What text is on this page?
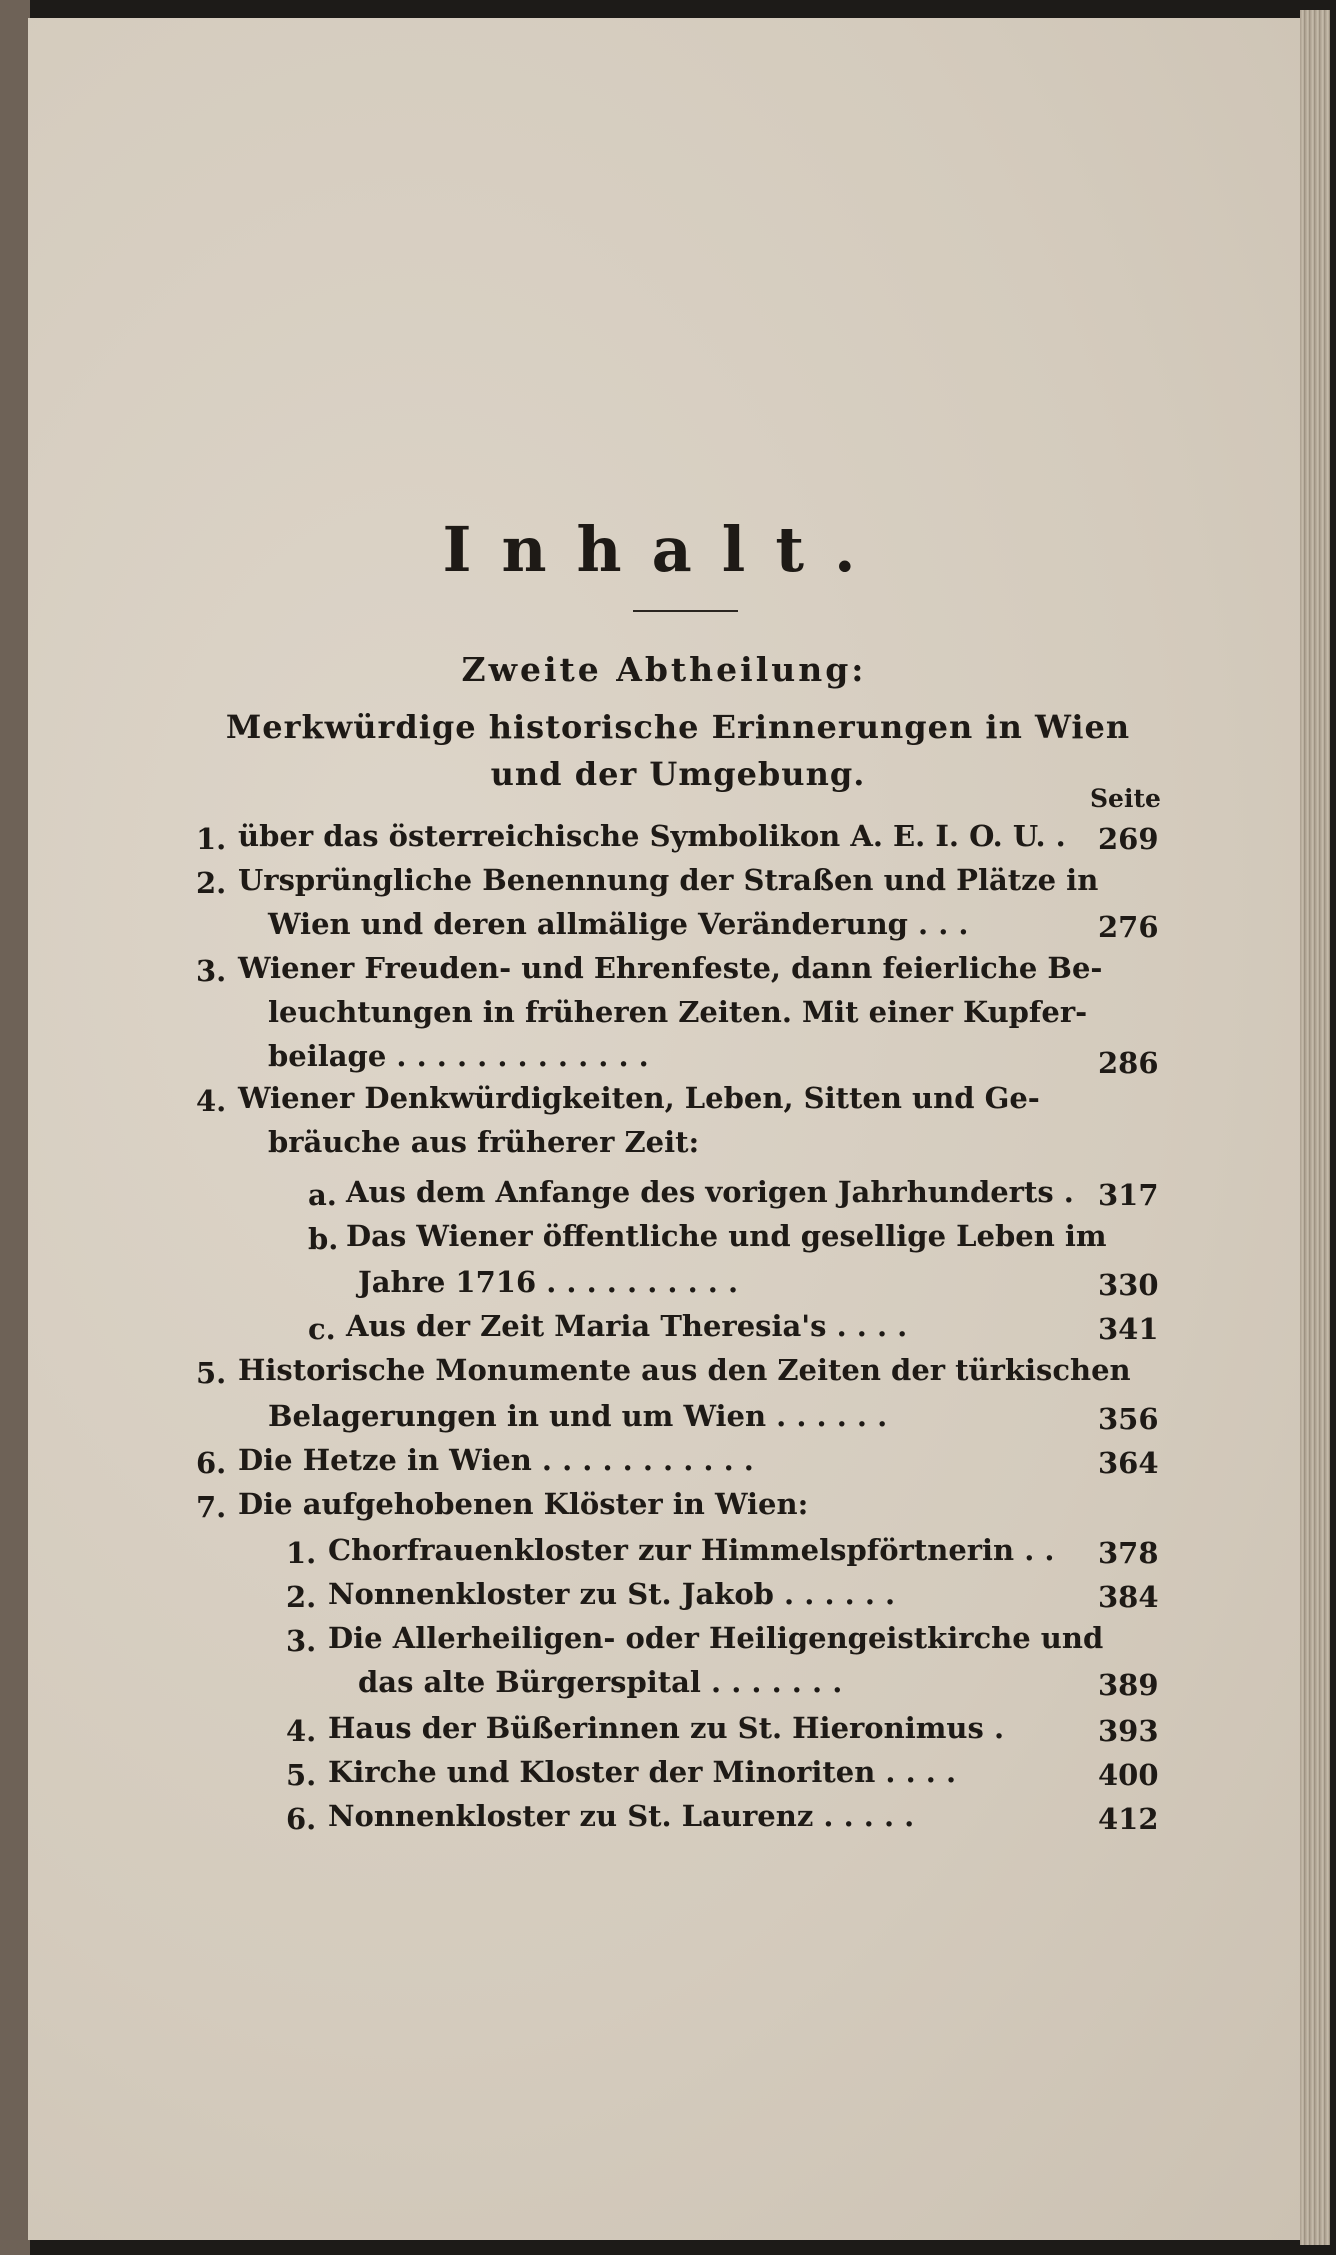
Inhalt.
Zweite Abtheilung:
Merkwürdige historische Erinnerungen in Wien
und der Umgebung.
Seite
1. über das österreichische Symbolikon A. E. I. O. U. . 269
2. Ursprüngliche Benennung der Straßen und Plätze in
Wien und deren allmälige Veränderung . . .	276
3. Wiener Freuden- und Ehrenfeste, dann feierliche Be-
leuchtungen in früheren Zeiten. Mit einer Kupfer-
beilage . . . . . . . . . . . . .	286
4. Wiener Denkwürdigkeiten, Leben, Sitten und Ge-
bräuche aus früherer Zeit:
a. Aus dem Anfange des vorigen Jahrhunderts . 317
b. Das Wiener öffentliche und gesellige Leben im
Jahre 1716 . . . . . . . . . .	330
c. Aus der Zeit Maria Theresia's . . . .	341
5. Historische Monumente aus den Zeiten der türkischen
Belagerungen in und um Wien . . . . . .	356
6. Die Hetze in Wien . . . . . . . . . . .	364
7. Die aufgehobenen Klöster in Wien:
1. Chorfrauenkloster zur Himmelspförtnerin . . 378
2. Nonnenkloster zu St. Jakob . . . . . .	384
3. Die Allerheiligen- oder Heiligengeistkirche und
das alte Bürgerspital . . . . . . .	389
4. Haus der Büßerinnen zu St. Hieronimus .	393
5. Kirche und Kloster der Minoriten . . . .	400
6. Nonnenkloster zu St. Laurenz . . . . .	412
